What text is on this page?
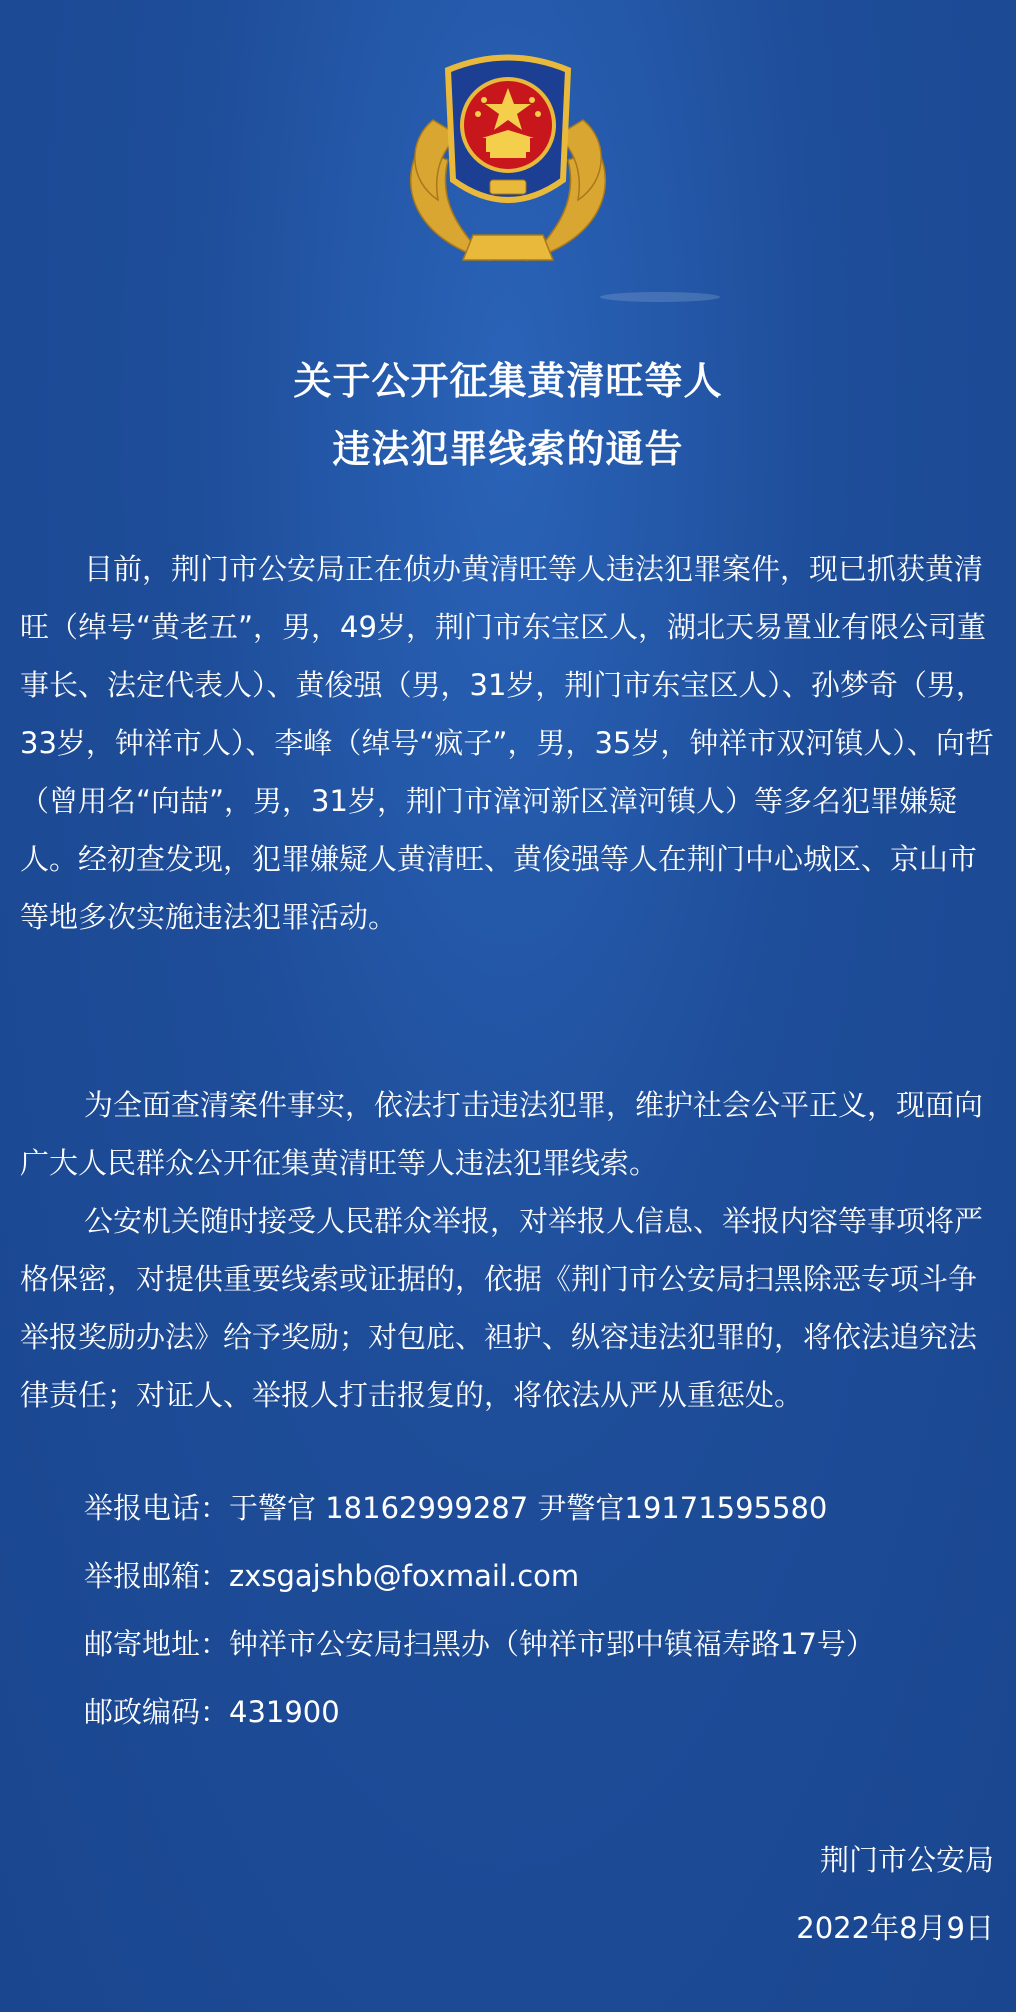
关于公开征集黄清旺等人
违法犯罪线索的通告

目前，荆门市公安局正在侦办黄清旺等人违法犯罪案件，现已抓获黄清旺（绰号“黄老五”，男，49岁，荆门市东宝区人，湖北天易置业有限公司董事长、法定代表人）、黄俊强（男，31岁，荆门市东宝区人）、孙梦奇（男，33岁，钟祥市人）、李峰（绰号“疯子”，男，35岁，钟祥市双河镇人）、向哲（曾用名“向喆”，男，31岁，荆门市漳河新区漳河镇人）等多名犯罪嫌疑人。经初查发现，犯罪嫌疑人黄清旺、黄俊强等人在荆门中心城区、京山市等地多次实施违法犯罪活动。

为全面查清案件事实，依法打击违法犯罪，维护社会公平正义，现面向广大人民群众公开征集黄清旺等人违法犯罪线索。

公安机关随时接受人民群众举报，对举报人信息、举报内容等事项将严格保密，对提供重要线索或证据的，依据《荆门市公安局扫黑除恶专项斗争举报奖励办法》给予奖励；对包庇、袒护、纵容违法犯罪的，将依法追究法律责任；对证人、举报人打击报复的，将依法从严从重惩处。

举报电话：于警官 18162999287 尹警官19171595580
举报邮箱：zxsgajshb@foxmail.com
邮寄地址：钟祥市公安局扫黑办（钟祥市郢中镇福寿路17号）
邮政编码：431900
荆门市公安局
2022年8月9日
